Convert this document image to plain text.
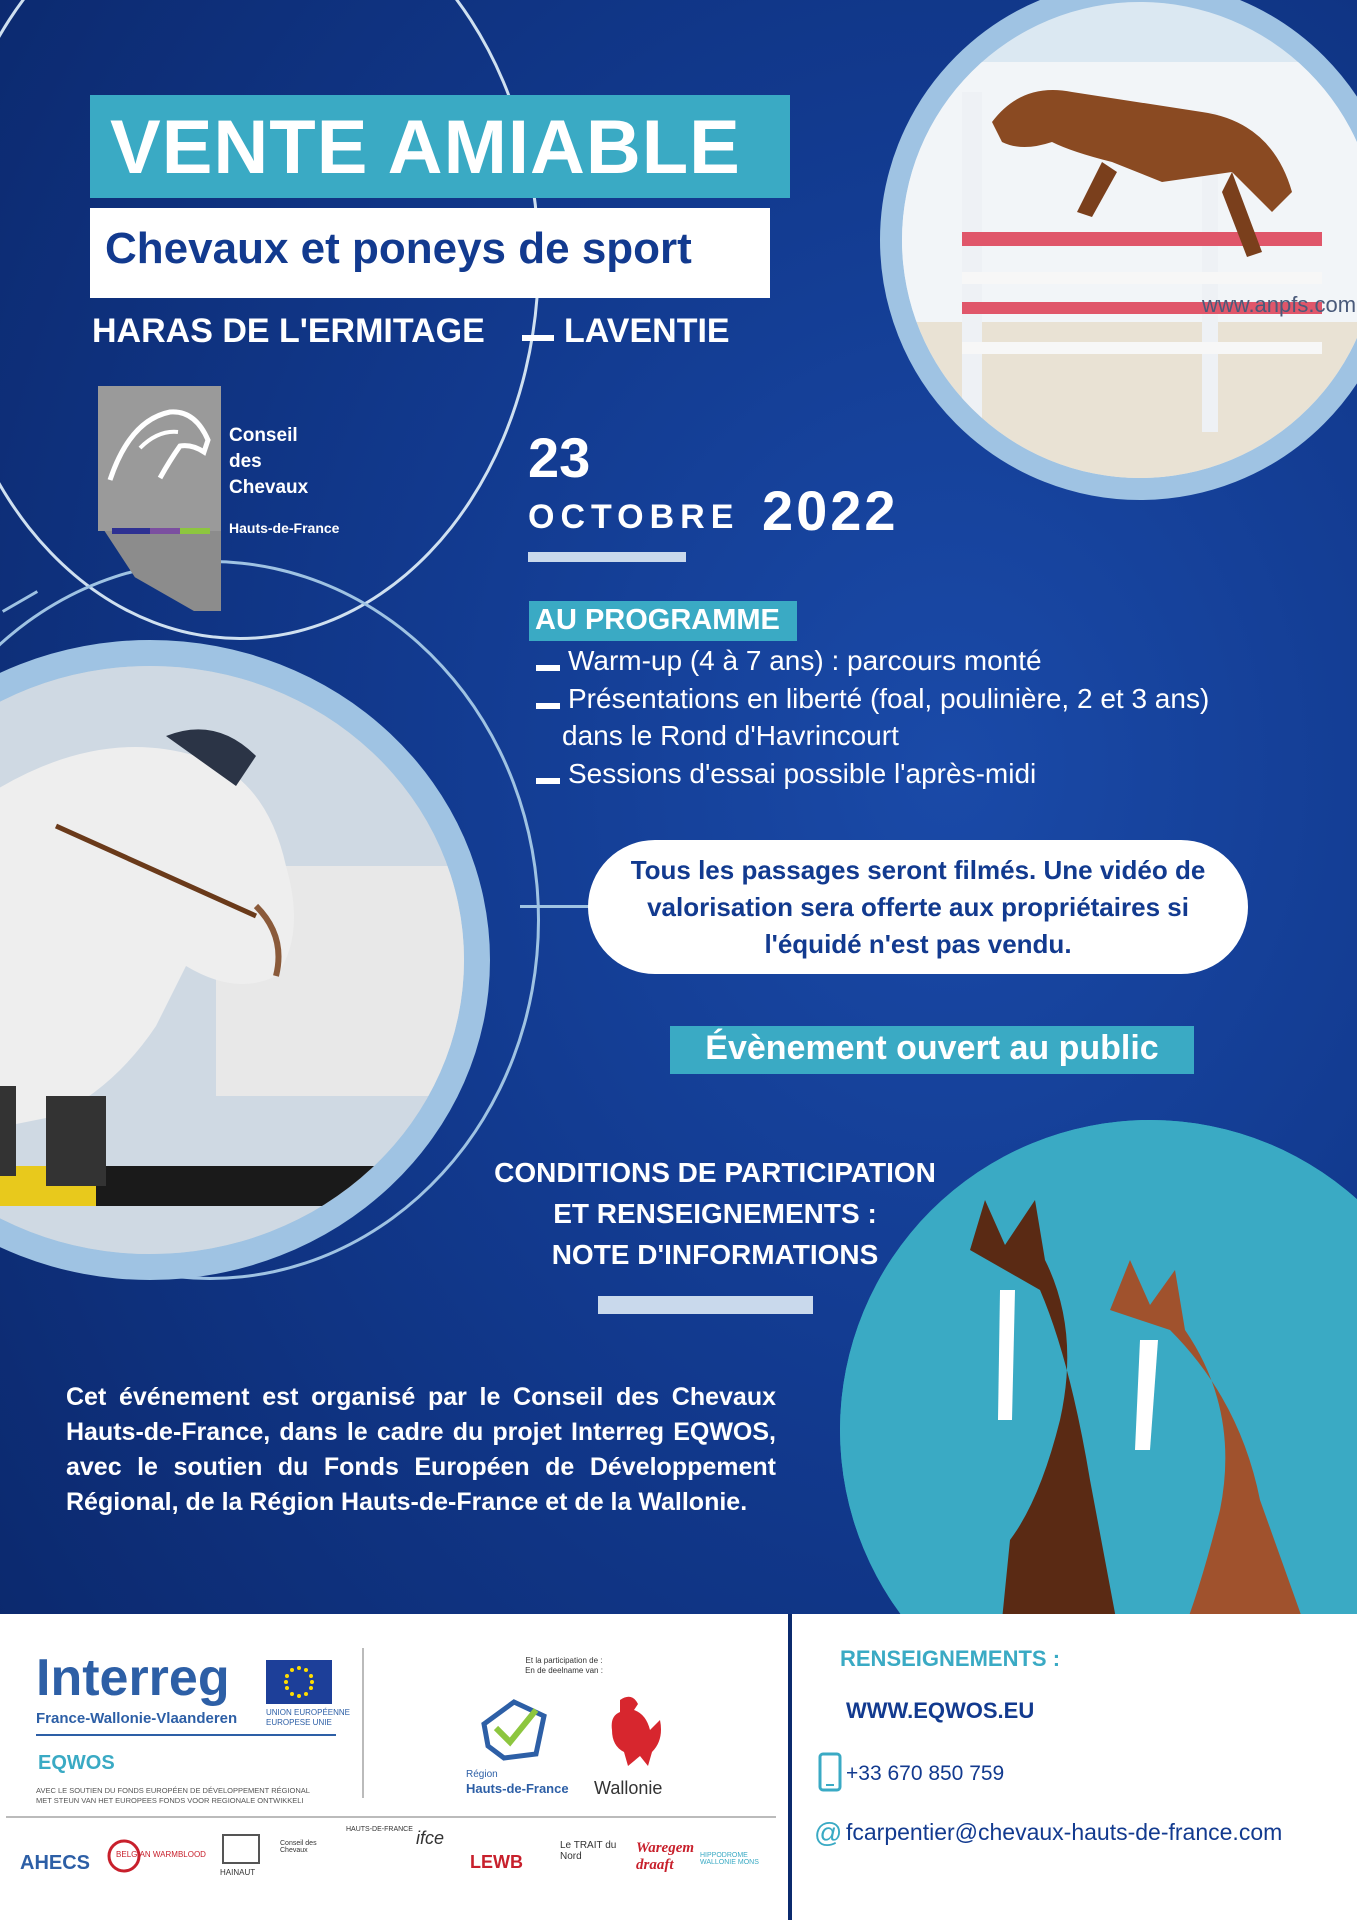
www.anpfs.com
VENTE AMIABLE
Chevaux et poneys de sport
HARAS DE L'ERMITAGE LAVENTIE
Conseil
des
Chevaux
Hauts-de-France
23
OCTOBRE 2022
AU PROGRAMME
Warm-up (4 à 7 ans) : parcours monté
Présentations en liberté (foal, poulinière, 2 et 3 ans)
dans le Rond d'Havrincourt
Sessions d'essai possible l'après-midi
Tous les passages seront filmés. Une vidéo de
valorisation sera offerte aux propriétaires si
l'équidé n'est pas vendu.
Évènement ouvert au public
CONDITIONS DE PARTICIPATION
ET RENSEIGNEMENTS :
NOTE D'INFORMATIONS
Cet événement est organisé par le Conseil des Chevaux Hauts-de-France, dans le cadre du projet Interreg EQWOS, avec le soutien du Fonds Européen de Développement Régional, de la Région Hauts-de-France et de la Wallonie.
Interreg
France-Wallonie-Vlaanderen	UNION EUROPÉENNE
EUROPESE UNIE
EQWOS
AVEC LE SOUTIEN DU FONDS EUROPÉEN DE DÉVELOPPEMENT RÉGIONAL
MET STEUN VAN HET EUROPEES FONDS VOOR REGIONALE ONTWIKKELI
Et la participation de :
En de deelname van :
Région
Hauts-de-France Wallonie
AHECS	BELGIAN WARMBLOOD
HAINAUT
Conseil des Chevaux
HAUTS-DE-FRANCE ifce
LEWB
Le TRAIT du Nord
Waregem draaft
HIPPODROME WALLONIE MONS
RENSEIGNEMENTS :
WWW.EQWOS.EU
+33 670 850 759
@ fcarpentier@chevaux-hauts-de-france.com
